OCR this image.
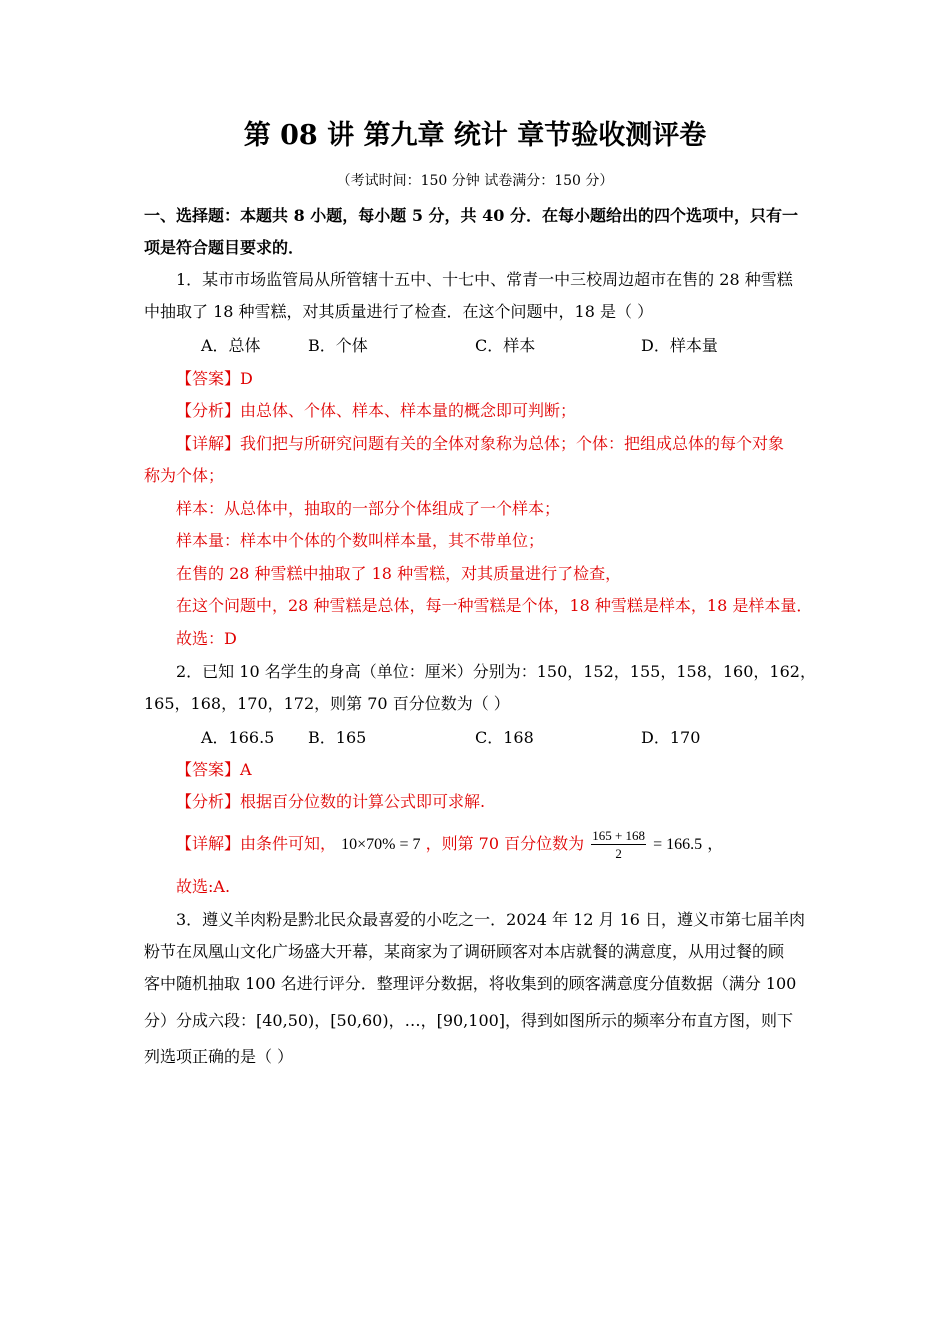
第 08 讲 第九章 统计 章节验收测评卷
（考试时间：150 分钟 试卷满分：150 分）
一、选择题：本题共 8 小题，每小题 5 分，共 40 分．在每小题给出的四个选项中，只有一
项是符合题目要求的．
1．某市市场监管局从所管辖十五中、十七中、常青一中三校周边超市在售的 28 种雪糕
中抽取了 18 种雪糕，对其质量进行了检查．在这个问题中，18 是（ ）
A．总体	B．个体	C．样本	D．样本量
【答案】D
【分析】由总体、个体、样本、样本量的概念即可判断；
【详解】我们把与所研究问题有关的全体对象称为总体；个体：把组成总体的每个对象
称为个体；
样本：从总体中，抽取的一部分个体组成了一个样本；
样本量：样本中个体的个数叫样本量，其不带单位；
在售的 28 种雪糕中抽取了 18 种雪糕，对其质量进行了检查，
在这个问题中，28 种雪糕是总体，每一种雪糕是个体，18 种雪糕是样本，18 是样本量．
故选：D
2．已知 10 名学生的身高（单位：厘米）分别为：150，152，155，158，160，162，
165，168，170，172，则第 70 百分位数为（ ）
A．166.5 B．165	C．168	D．170
【答案】A
【分析】根据百分位数的计算公式即可求解.
【详解】由条件可知， 10×70% = 7 ，则第 70 百分位数为 $\frac{165 + 168}{2} = 166.5$ ，
故选:A.
3．遵义羊肉粉是黔北民众最喜爱的小吃之一．2024 年 12 月 16 日，遵义市第七届羊肉
粉节在凤凰山文化广场盛大开幕，某商家为了调研顾客对本店就餐的满意度，从用过餐的顾
客中随机抽取 100 名进行评分．整理评分数据，将收集到的顾客满意度分值数据（满分 100
分）分成六段：[40,50)，[50,60)，…，[90,100]，得到如图所示的频率分布直方图，则下
列选项正确的是（ ）
